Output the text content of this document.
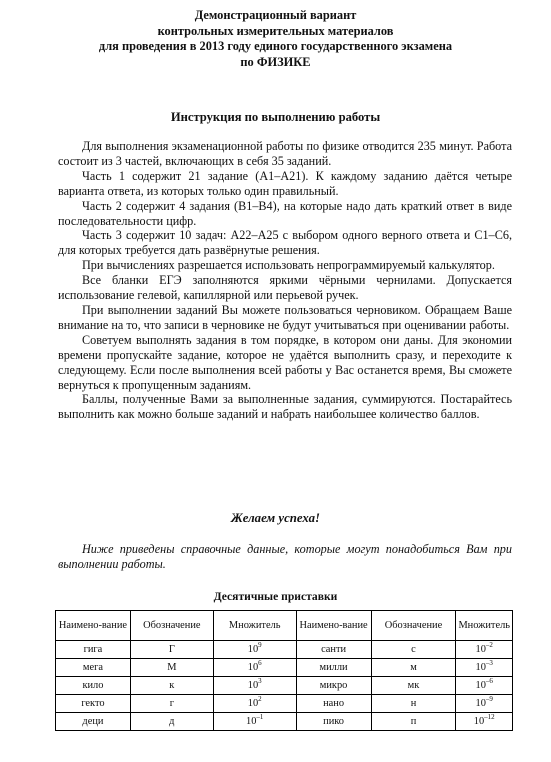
Демонстрационный вариант
контрольных измерительных материалов
для проведения в 2013 году единого государственного экзамена
по ФИЗИКЕ
Инструкция по выполнению работы

Для выполнения экзаменационной работы по физике отводится 235 минут. Работа состоит из 3 частей, включающих в себя 35 заданий.

Часть 1 содержит 21 задание (А1–А21). К каждому заданию даётся четыре варианта ответа, из которых только один правильный.

Часть 2 содержит 4 задания (В1–В4), на которые надо дать краткий ответ в виде последовательности цифр.

Часть 3 содержит 10 задач: А22–А25 с выбором одного верного ответа и С1–С6, для которых требуется дать развёрнутые решения.

При вычислениях разрешается использовать непрограммируемый калькулятор.

Все бланки ЕГЭ заполняются яркими чёрными чернилами. Допускается использование гелевой, капиллярной или перьевой ручек.

При выполнении заданий Вы можете пользоваться черновиком. Обращаем Ваше внимание на то, что записи в черновике не будут учитываться при оценивании работы.

Советуем выполнять задания в том порядке, в котором они даны. Для экономии времени пропускайте задание, которое не удаётся выполнить сразу, и переходите к следующему. Если после выполнения всей работы у Вас останется время, Вы сможете вернуться к пропущенным заданиям.

Баллы, полученные Вами за выполненные задания, суммируются. Постарайтесь выполнить как можно больше заданий и набрать наибольшее количество баллов.

Желаем успеха!
Ниже приведены справочные данные, которые могут понадобиться Вам при выполнении работы.
Десятичные приставки
Наимено-вание	Обозначение	Множитель	Наимено-вание	Обозначение	Множитель
гига	Г	$10^9$	санти	с	$10^{-2}$
мега	М	$10^6$	милли	м	$10^{-3}$
кило	к	$10^3$	микро	мк	$10^{-6}$
гекто	г	$10^2$	нано	н	$10^{-9}$
деци	д	$10^{-1}$	пико	п	$10^{-12}$
